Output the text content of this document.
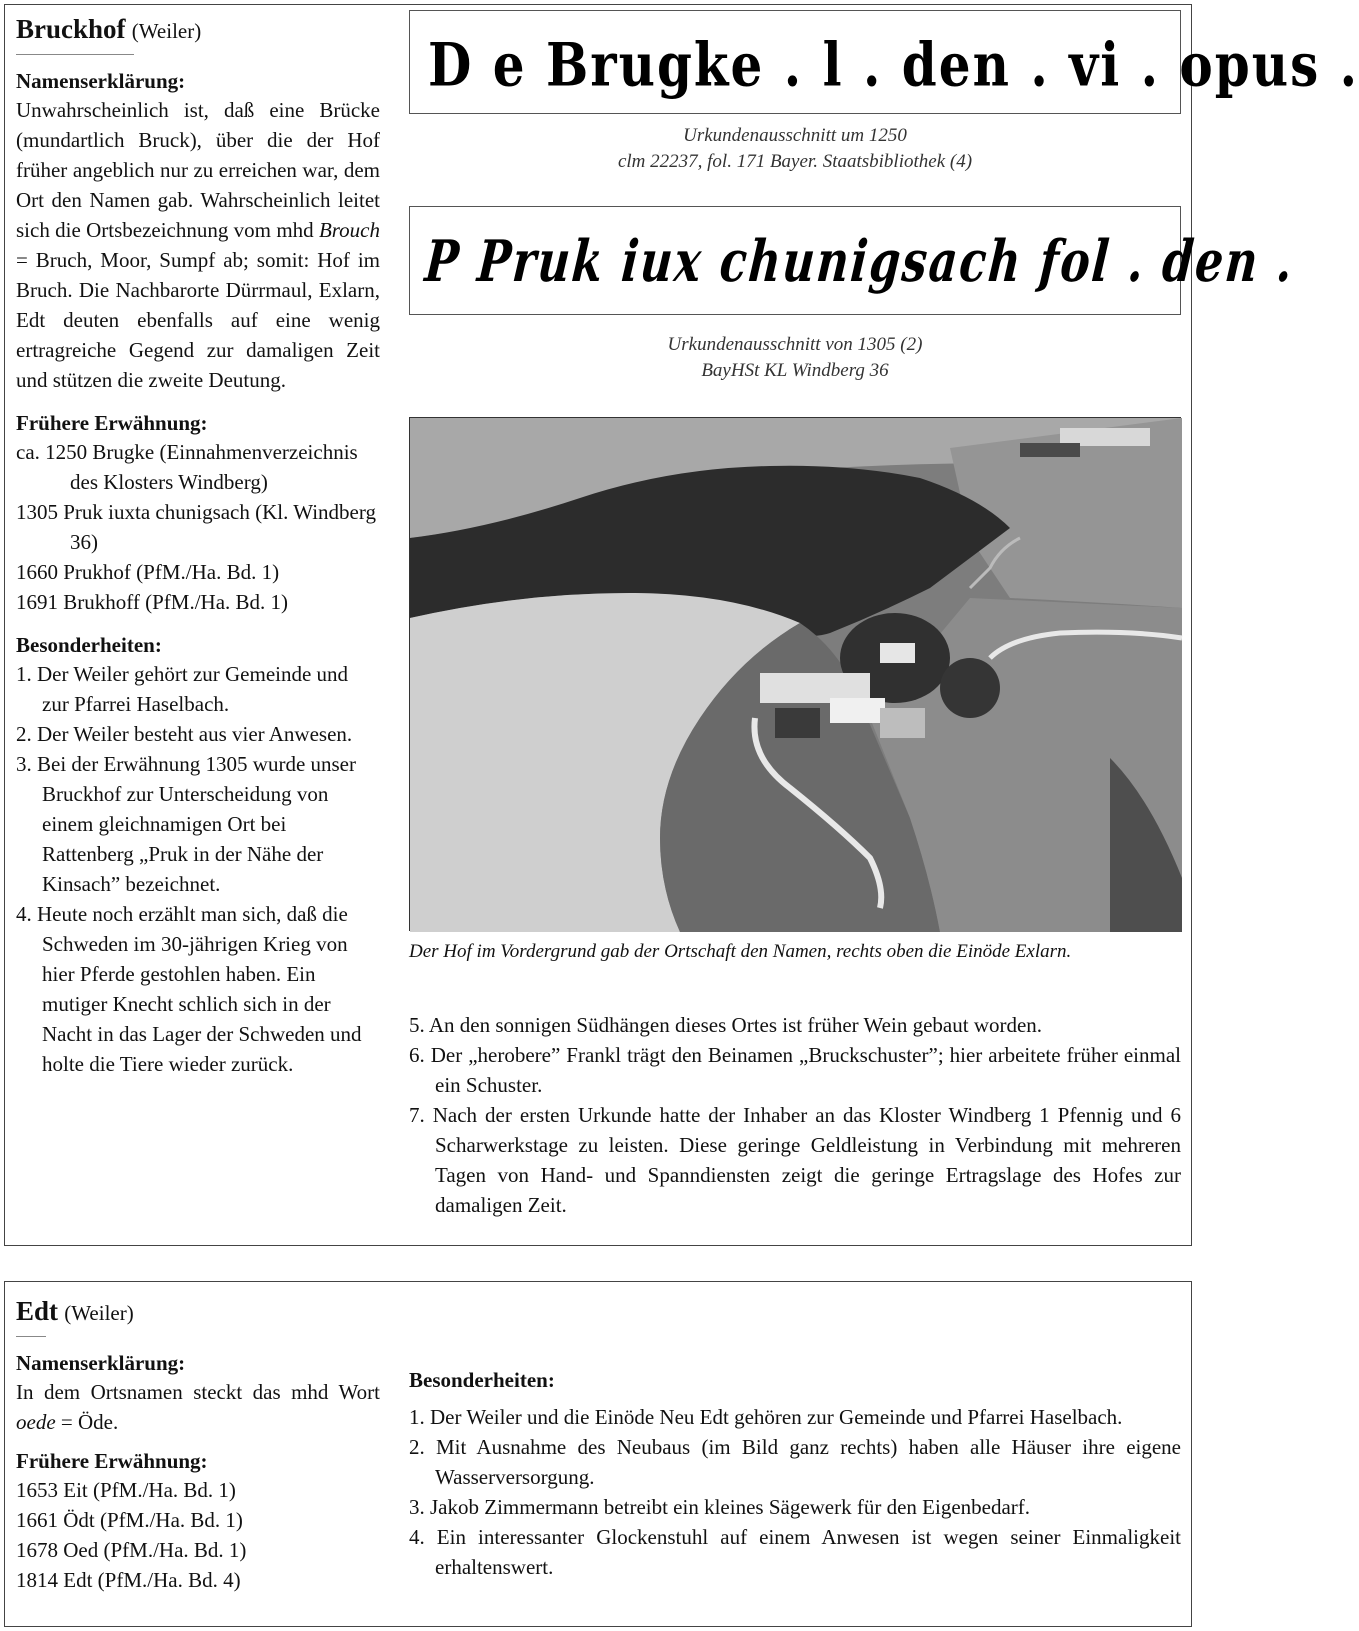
Bruckhof (Weiler)
Namenserklärung:
Unwahrscheinlich ist, daß eine Brücke (mundartlich Bruck), über die der Hof früher angeblich nur zu erreichen war, dem Ort den Namen gab. Wahrscheinlich leitet sich die Ortsbezeichnung vom mhd Brouch = Bruch, Moor, Sumpf ab; somit: Hof im Bruch. Die Nachbarorte Dürrmaul, Exlarn, Edt deuten ebenfalls auf eine wenig ertragreiche Gegend zur damaligen Zeit und stützen die zweite Deutung.
Frühere Erwähnung:
ca. 1250 Brugke (Einnahmenverzeichnis des Klosters Windberg)
1305 Pruk iuxta chunigsach (Kl. Windberg 36)
1660 Prukhof (PfM./Ha. Bd. 1)
1691 Brukhoff (PfM./Ha. Bd. 1)
Besonderheiten:
1. Der Weiler gehört zur Gemeinde und zur Pfarrei Haselbach.
2. Der Weiler besteht aus vier Anwesen.
3. Bei der Erwähnung 1305 wurde unser Bruckhof zur Unterscheidung von einem gleichnamigen Ort bei Rattenberg „Pruk in der Nähe der Kinsach” bezeichnet.
4. Heute noch erzählt man sich, daß die Schweden im 30-jährigen Krieg von hier Pferde gestohlen haben. Ein mutiger Knecht schlich sich in der Nacht in das Lager der Schweden und holte die Tiere wieder zurück.
D e Brugke . l . den . vi . opus .
Urkundenausschnitt um 1250
clm 22237, fol. 171 Bayer. Staatsbibliothek (4)
P Pruk iux chunigsach fol . den .
Urkundenausschnitt von 1305 (2)
BayHSt KL Windberg 36
Der Hof im Vordergrund gab der Ortschaft den Namen, rechts oben die Einöde Exlarn.
5. An den sonnigen Südhängen dieses Ortes ist früher Wein gebaut worden.
6. Der „herobere” Frankl trägt den Beinamen „Bruckschuster”; hier arbeitete früher einmal ein Schuster.
7. Nach der ersten Urkunde hatte der Inhaber an das Kloster Windberg 1 Pfennig und 6 Scharwerkstage zu leisten. Diese geringe Geldleistung in Verbindung mit mehreren Tagen von Hand- und Spanndiensten zeigt die geringe Ertragslage des Hofes zur damaligen Zeit.
Edt (Weiler)
Namenserklärung:
In dem Ortsnamen steckt das mhd Wort oede = Öde.
Frühere Erwähnung:
1653 Eit (PfM./Ha. Bd. 1)
1661 Ödt (PfM./Ha. Bd. 1)
1678 Oed (PfM./Ha. Bd. 1)
1814 Edt (PfM./Ha. Bd. 4)
Besonderheiten:
1. Der Weiler und die Einöde Neu Edt gehören zur Gemeinde und Pfarrei Haselbach.
2. Mit Ausnahme des Neubaus (im Bild ganz rechts) haben alle Häuser ihre eigene Wasserversorgung.
3. Jakob Zimmermann betreibt ein kleines Sägewerk für den Eigenbedarf.
4. Ein interessanter Glockenstuhl auf einem Anwesen ist wegen seiner Einmaligkeit erhaltenswert.
